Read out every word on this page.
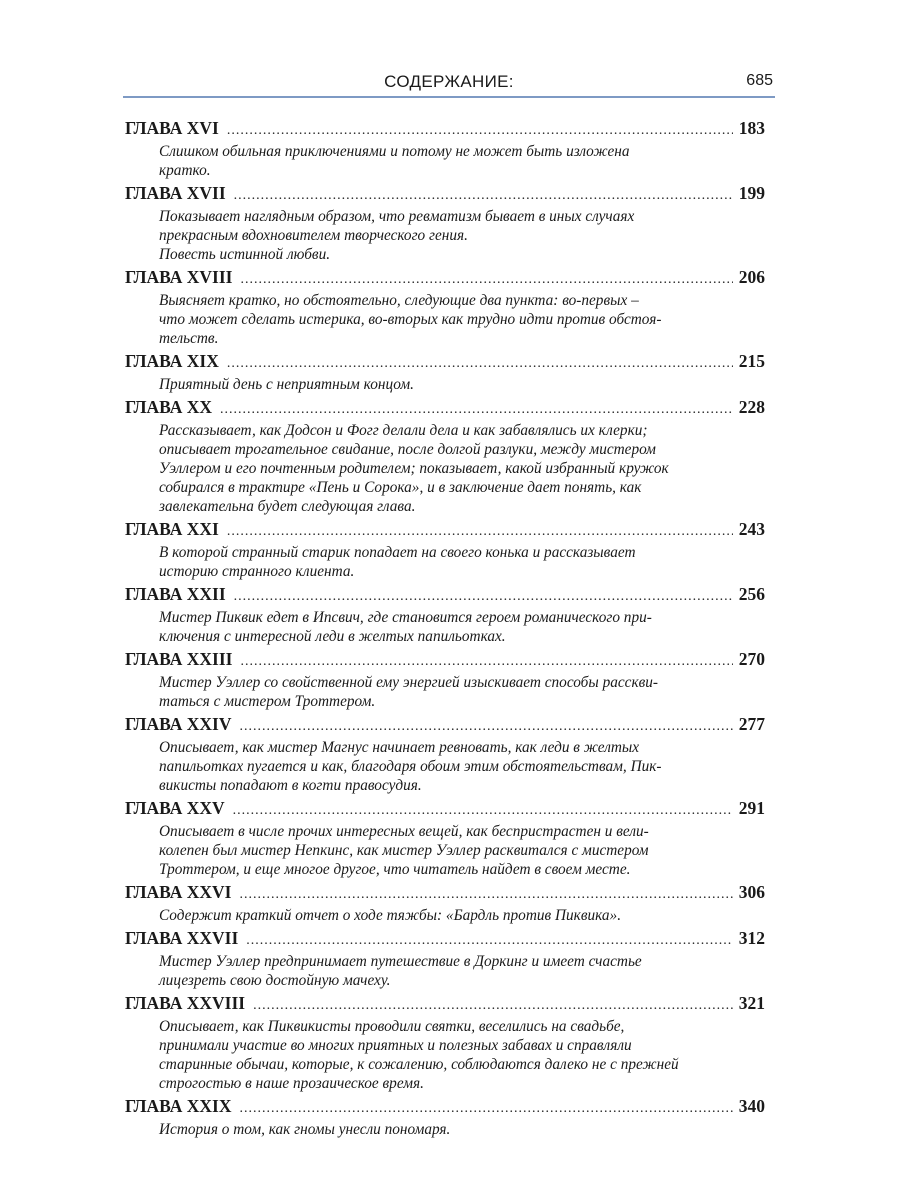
СОДЕРЖАНИЕ:	685
ГЛАВА XVI .....	183
Слишком обильная приключениями и потому не может быть изложена
кратко.
ГЛАВА XVII .....	199
Показывает наглядным образом, что ревматизм бывает в иных случаях
прекрасным вдохновителем творческого гения.
Повесть истинной любви.
ГЛАВА XVIII .....	206
Выясняет кратко, но обстоятельно, следующие два пункта: во-первых –
что может сделать истерика, во-вторых как трудно идти против обстоя-
тельств.
ГЛАВА XIX .....	215
Приятный день с неприятным концом.
ГЛАВА XX .....	228
Рассказывает, как Додсон и Фогг делали дела и как забавлялись их клерки;
описывает трогательное свидание, после долгой разлуки, между мистером
Уэллером и его почтенным родителем; показывает, какой избранный кружок
собирался в трактире «Пень и Сорока», и в заключение дает понять, как
завлекательна будет следующая глава.
ГЛАВА XXI .....	243
В которой странный старик попадает на своего конька и рассказывает
историю странного клиента.
ГЛАВА XXII .....	256
Мистер Пиквик едет в Ипсвич, где становится героем романического при-
ключения с интересной леди в желтых папильотках.
ГЛАВА XXIII .....	270
Мистер Уэллер со свойственной ему энергией изыскивает способы расскви-
таться с мистером Троттером.
ГЛАВА XXIV .....	277
Описывает, как мистер Магнус начинает ревновать, как леди в желтых
папильотках пугается и как, благодаря обоим этим обстоятельствам, Пик-
викисты попадают в когти правосудия.
ГЛАВА XXV .....	291
Описывает в числе прочих интересных вещей, как беспристрастен и вели-
колепен был мистер Непкинс, как мистер Уэллер расквитался с мистером
Троттером, и еще многое другое, что читатель найдет в своем месте.
ГЛАВА XXVI .....	306
Содержит краткий отчет о ходе тяжбы: «Бардль против Пиквика».
ГЛАВА XXVII .....	312
Мистер Уэллер предпринимает путешествие в Доркинг и имеет счастье
лицезреть свою достойную мачеху.
ГЛАВА XXVIII .....	321
Описывает, как Пиквикисты проводили святки, веселились на свадьбе,
принимали участие во многих приятных и полезных забавах и справляли
старинные обычаи, которые, к сожалению, соблюдаются далеко не с прежней
строгостью в наше прозаическое время.
ГЛАВА XXIX .....	340
История о том, как гномы унесли пономаря.
